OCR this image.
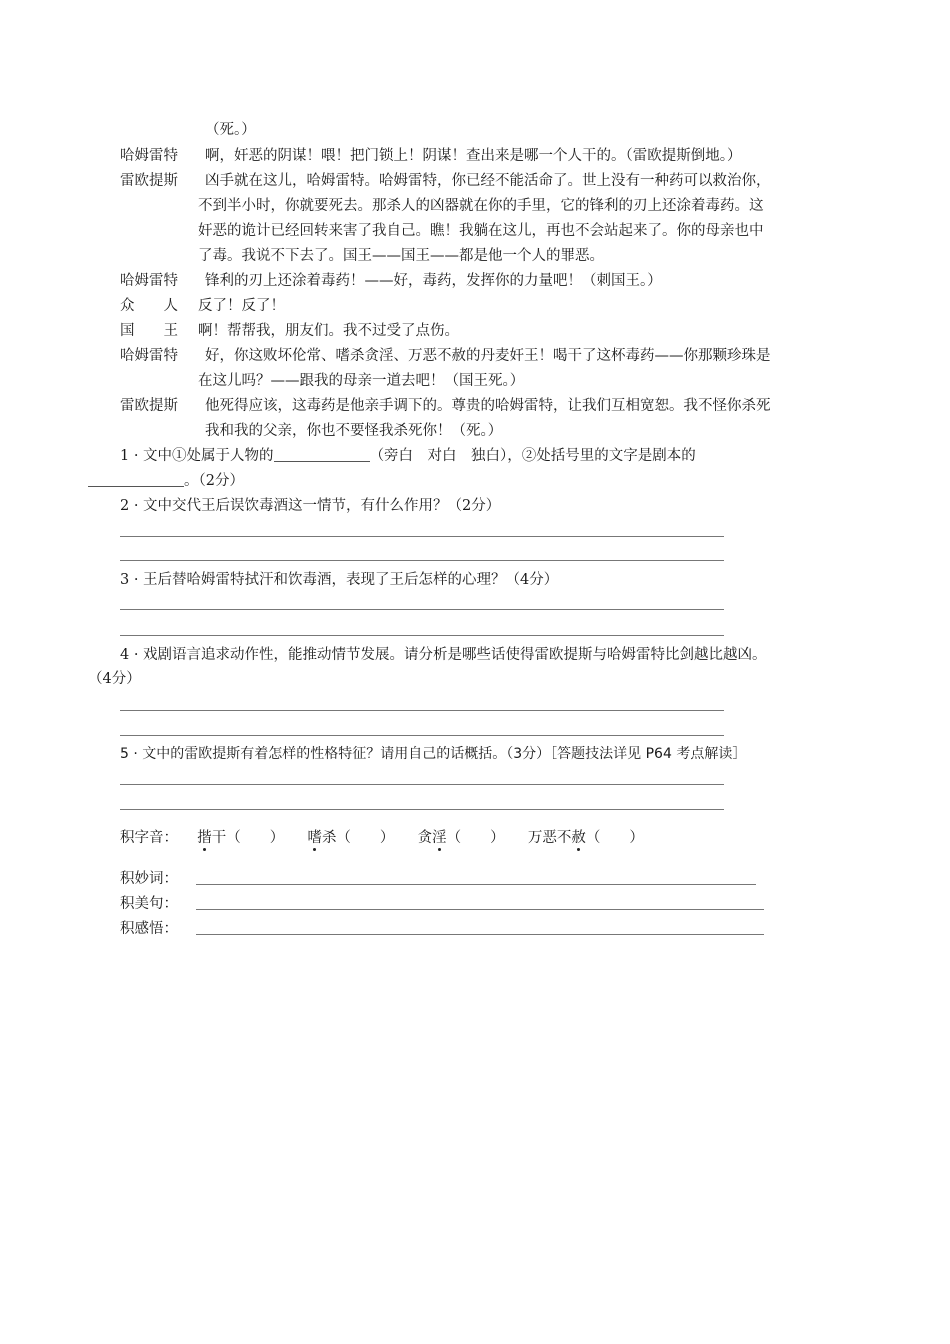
（死。）
哈姆雷特 啊，奸恶的阴谋！喂！把门锁上！阴谋！查出来是哪一个人干的。（雷欧提斯倒地。）
雷欧提斯 凶手就在这儿，哈姆雷特。哈姆雷特，你已经不能活命了。世上没有一种药可以救治你，
不到半小时，你就要死去。那杀人的凶器就在你的手里，它的锋利的刃上还涂着毒药。这
奸恶的诡计已经回转来害了我自己。瞧！我躺在这儿，再也不会站起来了。你的母亲也中
了毒。我说不下去了。国王——国王——都是他一个人的罪恶。
哈姆雷特 锋利的刃上还涂着毒药！——好，毒药，发挥你的力量吧！（刺国王。）
众　　人 反了！反了！
国　　王 啊！帮帮我，朋友们。我不过受了点伤。
哈姆雷特 好，你这败坏伦常、嗜杀贪淫、万恶不赦的丹麦奸王！喝干了这杯毒药——你那颗珍珠是
在这儿吗？——跟我的母亲一道去吧！（国王死。）
雷欧提斯 他死得应该，这毒药是他亲手调下的。尊贵的哈姆雷特，让我们互相宽恕。我不怪你杀死
我和我的父亲，你也不要怪我杀死你！（死。）
1 · 文中①处属于人物的	（旁白　对白　独白），②处括号里的文字是剧本的
。（2分）
2 · 文中交代王后误饮毒酒这一情节，有什么作用？（2分）
3 · 王后替哈姆雷特拭汗和饮毒酒，表现了王后怎样的心理？（4分）
4 · 戏剧语言追求动作性，能推动情节发展。请分析是哪些话使得雷欧提斯与哈姆雷特比剑越比越凶。
（4分）
5 · 文中的雷欧提斯有着怎样的性格特征？请用自己的话概括。（3分）［答题技法详见 P64 考点解读］
积字音： 揩干（　　） 嗜杀（　　） 贪淫（　　） 万恶不赦（　　）
积妙词：
积美句：
积感悟：
